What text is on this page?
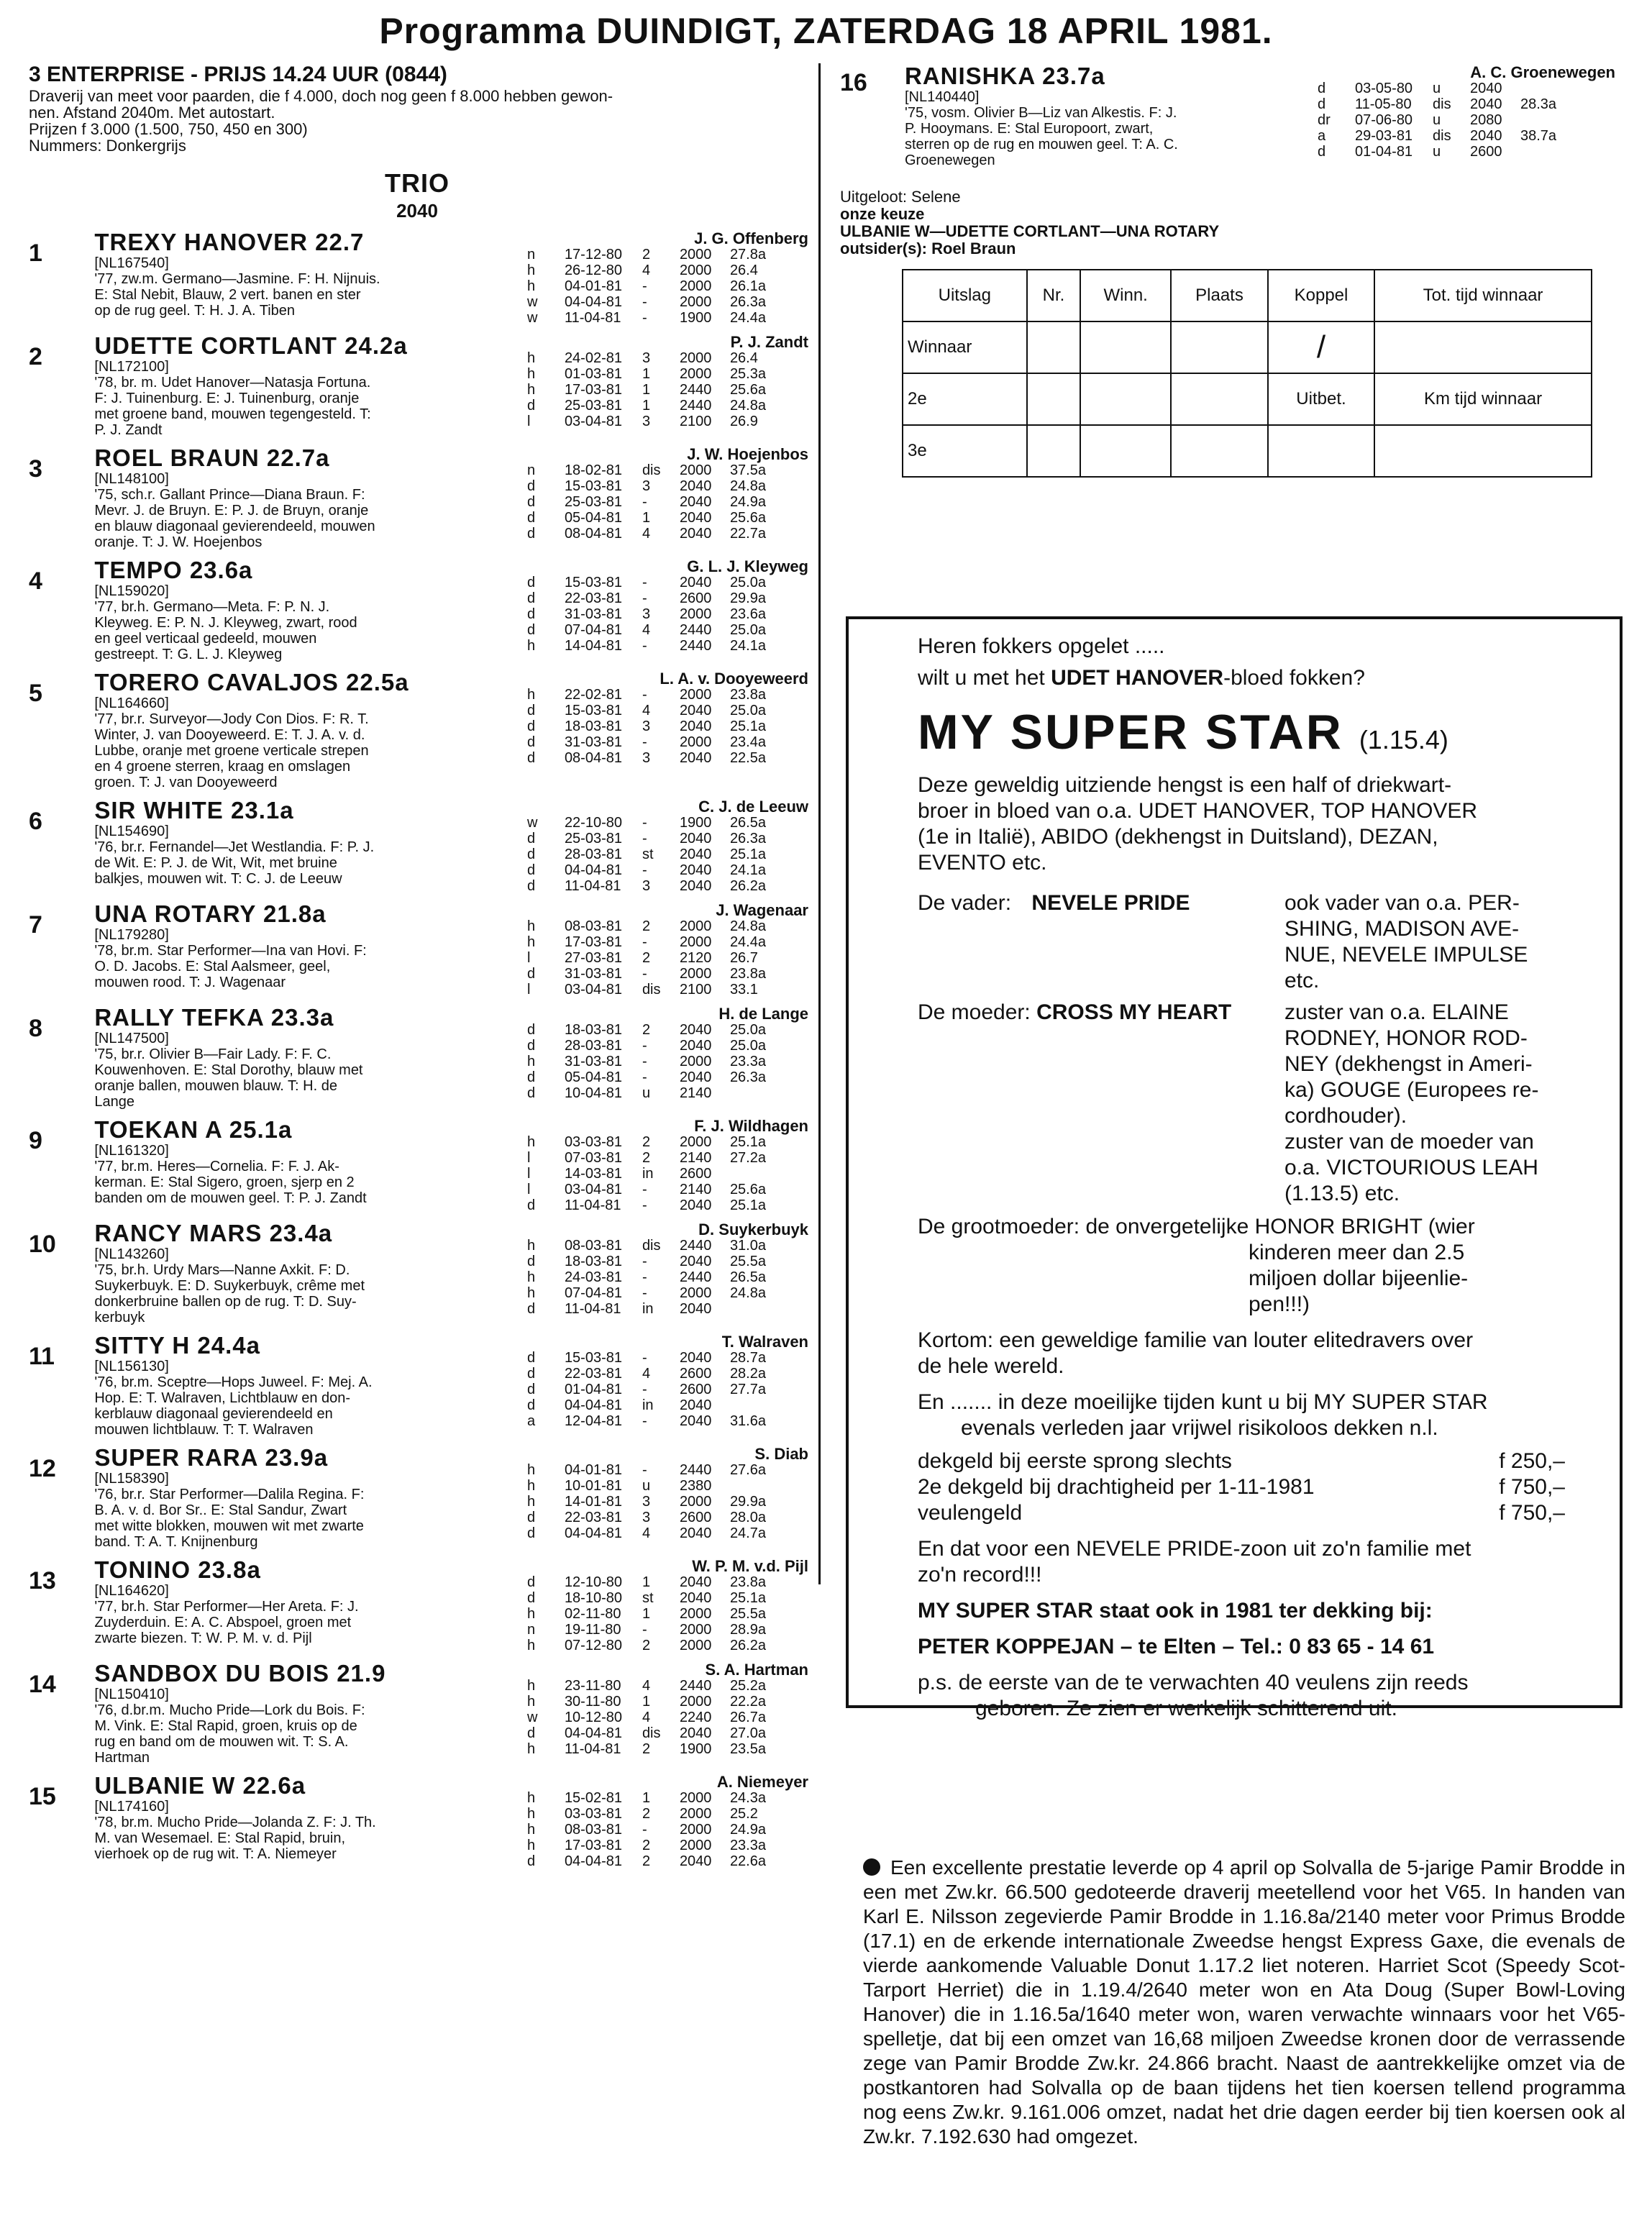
Programma DUINDIGT, ZATERDAG 18 APRIL 1981.
3 ENTERPRISE - PRIJS 14.24 UUR (0844)
Draverij van meet voor paarden, die f 4.000, doch nog geen f 8.000 hebben gewon-
nen. Afstand 2040m. Met autostart.
Prijzen f 3.000 (1.500, 750, 450 en 300)
Nummers: Donkergrijs
TRIO
2040
1	TREXY HANOVER 22.7
[NL167540]
'77, zw.m. Germano—Jasmine. F: H. Nijnuis.
E: Stal Nebit, Blauw, 2 vert. banen en ster
op de rug geel. T: H. J. A. Tiben
J. G. Offenberg
n	17-12-80	2	2000	27.8a
h	26-12-80	4	2000	26.4
h	04-01-81	-	2000	26.1a
w	04-04-81	-	2000	26.3a
w	11-04-81	-	1900	24.4a
2	UDETTE CORTLANT 24.2a
[NL172100]
'78, br. m. Udet Hanover—Natasja Fortuna.
F: J. Tuinenburg. E: J. Tuinenburg, oranje
met groene band, mouwen tegengesteld. T:
P. J. Zandt
P. J. Zandt
h	24-02-81	3	2000	26.4
h	01-03-81	1	2000	25.3a
h	17-03-81	1	2440	25.6a
d	25-03-81	1	2440	24.8a
l	03-04-81	3	2100	26.9
3	ROEL BRAUN 22.7a
[NL148100]
'75, sch.r. Gallant Prince—Diana Braun. F:
Mevr. J. de Bruyn. E: P. J. de Bruyn, oranje
en blauw diagonaal gevierendeeld, mouwen
oranje. T: J. W. Hoejenbos
J. W. Hoejenbos
n	18-02-81	dis	2000	37.5a
d	15-03-81	3	2040	24.8a
d	25-03-81	-	2040	24.9a
d	05-04-81	1	2040	25.6a
d	08-04-81	4	2040	22.7a
4	TEMPO 23.6a
[NL159020]
'77, br.h. Germano—Meta. F: P. N. J.
Kleyweg. E: P. N. J. Kleyweg, zwart, rood
en geel verticaal gedeeld, mouwen
gestreept. T: G. L. J. Kleyweg
G. L. J. Kleyweg
d	15-03-81	-	2040	25.0a
d	22-03-81	-	2600	29.9a
d	31-03-81	3	2000	23.6a
d	07-04-81	4	2440	25.0a
h	14-04-81	-	2440	24.1a
5	TORERO CAVALJOS 22.5a
[NL164660]
'77, br.r. Surveyor—Jody Con Dios. F: R. T.
Winter, J. van Dooyeweerd. E: T. J. A. v. d.
Lubbe, oranje met groene verticale strepen
en 4 groene sterren, kraag en omslagen
groen. T: J. van Dooyeweerd
L. A. v. Dooyeweerd
h	22-02-81	-	2000	23.8a
d	15-03-81	4	2040	25.0a
d	18-03-81	3	2040	25.1a
d	31-03-81	-	2000	23.4a
d	08-04-81	3	2040	22.5a
6	SIR WHITE 23.1a
[NL154690]
'76, br.r. Fernandel—Jet Westlandia. F: P. J.
de Wit. E: P. J. de Wit, Wit, met bruine
balkjes, mouwen wit. T: C. J. de Leeuw
C. J. de Leeuw
w	22-10-80	-	1900	26.5a
d	25-03-81	-	2040	26.3a
d	28-03-81	st	2040	25.1a
d	04-04-81	-	2040	24.1a
d	11-04-81	3	2040	26.2a
7	UNA ROTARY 21.8a
[NL179280]
'78, br.m. Star Performer—Ina van Hovi. F:
O. D. Jacobs. E: Stal Aalsmeer, geel,
mouwen rood. T: J. Wagenaar
J. Wagenaar
h	08-03-81	2	2000	24.8a
h	17-03-81	-	2000	24.4a
l	27-03-81	2	2120	26.7
d	31-03-81	-	2000	23.8a
l	03-04-81	dis	2100	33.1
8	RALLY TEFKA 23.3a
[NL147500]
'75, br.r. Olivier B—Fair Lady. F: F. C.
Kouwenhoven. E: Stal Dorothy, blauw met
oranje ballen, mouwen blauw. T: H. de
Lange
H. de Lange
d	18-03-81	2	2040	25.0a
d	28-03-81	-	2040	25.0a
h	31-03-81	-	2000	23.3a
d	05-04-81	-	2040	26.3a
d	10-04-81	u	2140
9	TOEKAN A 25.1a
[NL161320]
'77, br.m. Heres—Cornelia. F: F. J. Ak-
kerman. E: Stal Sigero, groen, sjerp en 2
banden om de mouwen geel. T: P. J. Zandt
F. J. Wildhagen
h	03-03-81	2	2000	25.1a
l	07-03-81	2	2140	27.2a
l	14-03-81	in	2600
l	03-04-81	-	2140	25.6a
d	11-04-81	-	2040	25.1a
10	RANCY MARS 23.4a
[NL143260]
'75, br.h. Urdy Mars—Nanne Axkit. F: D.
Suykerbuyk. E: D. Suykerbuyk, crême met
donkerbruine ballen op de rug. T: D. Suy-
kerbuyk
D. Suykerbuyk
h	08-03-81	dis	2440	31.0a
d	18-03-81	-	2040	25.5a
h	24-03-81	-	2440	26.5a
h	07-04-81	-	2000	24.8a
d	11-04-81	in	2040
11	SITTY H 24.4a
[NL156130]
'76, br.m. Sceptre—Hops Juweel. F: Mej. A.
Hop. E: T. Walraven, Lichtblauw en don-
kerblauw diagonaal gevierendeeld en
mouwen lichtblauw. T: T. Walraven
T. Walraven
d	15-03-81	-	2040	28.7a
d	22-03-81	4	2600	28.2a
d	01-04-81	-	2600	27.7a
d	04-04-81	in	2040
a	12-04-81	-	2040	31.6a
12	SUPER RARA 23.9a
[NL158390]
'76, br.r. Star Performer—Dalila Regina. F:
B. A. v. d. Bor Sr.. E: Stal Sandur, Zwart
met witte blokken, mouwen wit met zwarte
band. T: A. T. Knijnenburg
S. Diab
h	04-01-81	-	2440	27.6a
h	10-01-81	u	2380
h	14-01-81	3	2000	29.9a
d	22-03-81	3	2600	28.0a
d	04-04-81	4	2040	24.7a
13	TONINO 23.8a
[NL164620]
'77, br.h. Star Performer—Her Areta. F: J.
Zuyderduin. E: A. C. Abspoel, groen met
zwarte biezen. T: W. P. M. v. d. Pijl
W. P. M. v.d. Pijl
d	12-10-80	1	2040	23.8a
d	18-10-80	st	2040	25.1a
h	02-11-80	1	2000	25.5a
n	19-11-80	-	2000	28.9a
h	07-12-80	2	2000	26.2a
14	SANDBOX DU BOIS 21.9
[NL150410]
'76, d.br.m. Mucho Pride—Lork du Bois. F:
M. Vink. E: Stal Rapid, groen, kruis op de
rug en band om de mouwen wit. T: S. A.
Hartman
S. A. Hartman
h	23-11-80	4	2440	25.2a
h	30-11-80	1	2000	22.2a
w	10-12-80	4	2240	26.7a
d	04-04-81	dis	2040	27.0a
h	11-04-81	2	1900	23.5a
15	ULBANIE W 22.6a
[NL174160]
'78, br.m. Mucho Pride—Jolanda Z. F: J. Th.
M. van Wesemael. E: Stal Rapid, bruin,
vierhoek op de rug wit. T: A. Niemeyer
A. Niemeyer
h	15-02-81	1	2000	24.3a
h	03-03-81	2	2000	25.2
h	08-03-81	-	2000	24.9a
h	17-03-81	2	2000	23.3a
d	04-04-81	2	2040	22.6a
16	RANISHKA 23.7a
[NL140440]
'75, vosm. Olivier B—Liz van Alkestis. F: J.
P. Hooymans. E: Stal Europoort, zwart,
sterren op de rug en mouwen geel. T: A. C.
Groenewegen
A. C. Groenewegen
d	03-05-80	u	2040
d	11-05-80	dis	2040	28.3a
dr	07-06-80	u	2080
a	29-03-81	dis	2040	38.7a
d	01-04-81	u	2600
Uitgeloot: Selene
onze keuze
ULBANIE W—UDETTE CORTLANT—UNA ROTARY
outsider(s): Roel Braun
Uitslag	Nr.	Winn.	Plaats	Koppel	Tot. tijd winnaar
Winnaar				/	
2e				Uitbet.	Km tijd winnaar
3e					
Heren fokkers opgelet .....
wilt u met het UDET HANOVER-bloed fokken?
MY SUPER STAR (1.15.4)
Deze geweldig uitziende hengst is een half of driekwart-
broer in bloed van o.a. UDET HANOVER, TOP HANOVER
(1e in Italië), ABIDO (dekhengst in Duitsland), DEZAN,
EVENTO etc.
De vader: NEVELE PRIDE	ook vader van o.a. PER-
SHING, MADISON AVE-
NUE, NEVELE IMPULSE
etc.
De moeder: CROSS MY HEART	zuster van o.a. ELAINE
RODNEY, HONOR ROD-
NEY (dekhengst in Ameri-
ka) GOUGE (Europees re-
cordhouder).
zuster van de moeder van
o.a. VICTOURIOUS LEAH
(1.13.5) etc.
De grootmoeder: de onvergetelijke HONOR BRIGHT (wier
kinderen meer dan 2.5
miljoen dollar bijeenlie-
pen!!!)
Kortom: een geweldige familie van louter elitedravers over
de hele wereld.
En ....... in deze moeilijke tijden kunt u bij MY SUPER STAR
evenals verleden jaar vrijwel risikoloos dekken n.l.
dekgeld bij eerste sprong slechts	f 250,–
2e dekgeld bij drachtigheid per 1-11-1981	f 750,–
veulengeld	f 750,–
En dat voor een NEVELE PRIDE-zoon uit zo'n familie met
zo'n record!!!
MY SUPER STAR staat ook in 1981 ter dekking bij:
PETER KOPPEJAN – te Elten – Tel.: 0 83 65 - 14 61
p.s. de eerste van de te verwachten 40 veulens zijn reeds
geboren. Ze zien er werkelijk schitterend uit.
Een excellente prestatie leverde op 4 april op Solvalla de 5-jarige Pamir Brodde in een met Zw.kr. 66.500 gedoteerde draverij meetellend voor het V65. In handen van Karl E. Nilsson zegevierde Pamir Brodde in 1.16.8a/2140 meter voor Primus Brodde (17.1) en de erkende internationale Zweedse hengst Express Gaxe, die evenals de vierde aankomende Valuable Donut 1.17.2 liet noteren. Harriet Scot (Speedy Scot-Tarport Herriet) die in 1.19.4/2640 meter won en Ata Doug (Super Bowl-Loving Hanover) die in 1.16.5a/1640 meter won, waren verwachte winnaars voor het V65-spelletje, dat bij een omzet van 16,68 miljoen Zweedse kronen door de verrassende zege van Pamir Brodde Zw.kr. 24.866 bracht. Naast de aantrekkelijke omzet via de postkantoren had Solvalla op de baan tijdens het tien koersen tellend programma nog eens Zw.kr. 9.161.006 omzet, nadat het drie dagen eerder bij tien koersen ook al Zw.kr. 7.192.630 had omgezet.
